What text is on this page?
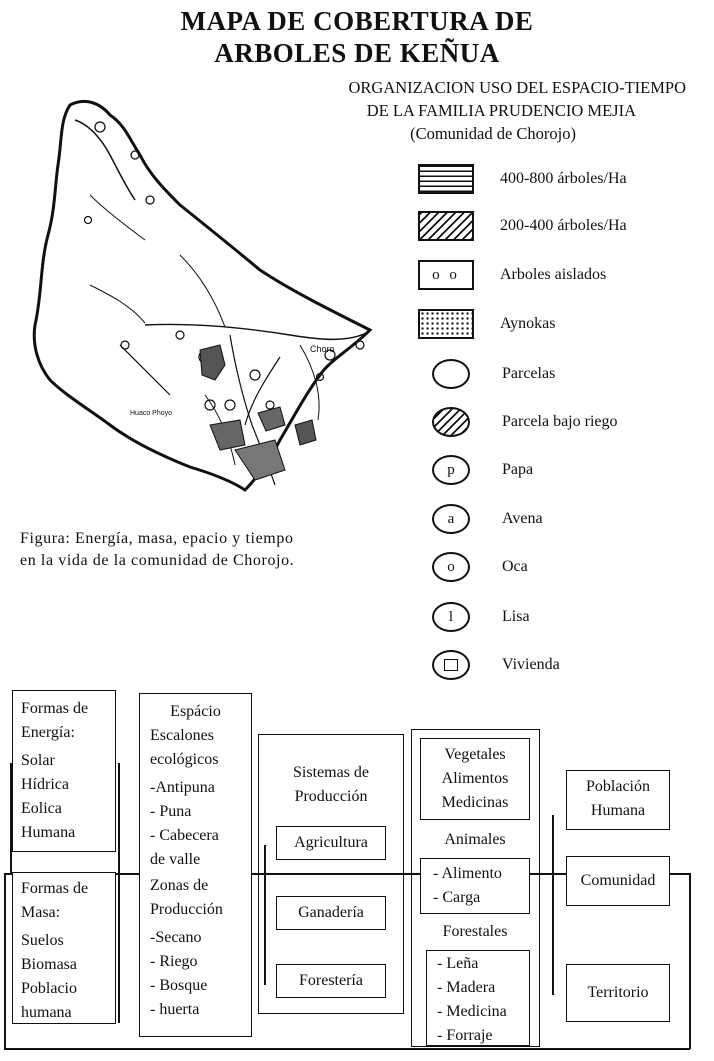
MAPA DE COBERTURA DE
ARBOLES DE KEÑUA
ORGANIZACION USO DEL ESPACIO-TIEMPO
DE LA FAMILIA PRUDENCIO MEJIA
(Comunidad de Chorojo)
Choro
Huaco Phoyo
400-800 árboles/Ha
200-400 árboles/Ha
o o	Arboles aislados
Aynokas
Parcelas
Parcela bajo riego
p	Papa
a	Avena
o	Oca
l	Lisa
Vivienda
Figura: Energía, masa, epacio y tiempo
en la vida de la comunidad de Chorojo.
Formas de
Energía:
Solar
Hídrica
Eolica
Humana
Formas de
Masa:
Suelos
Biomasa
Poblacio
humana
Espácio
Escalones
ecológicos
-Antipuna
- Puna
- Cabecera
de valle
Zonas de
Producción
-Secano
- Riego
- Bosque
- huerta
Sistemas de
Producción
Agricultura
Ganadería
Forestería
Vegetales
Alimentos
Medicinas
Animales
- Alimento
- Carga
Forestales
- Leña
- Madera
- Medicina
- Forraje
Población
Humana
Comunidad
Territorio
